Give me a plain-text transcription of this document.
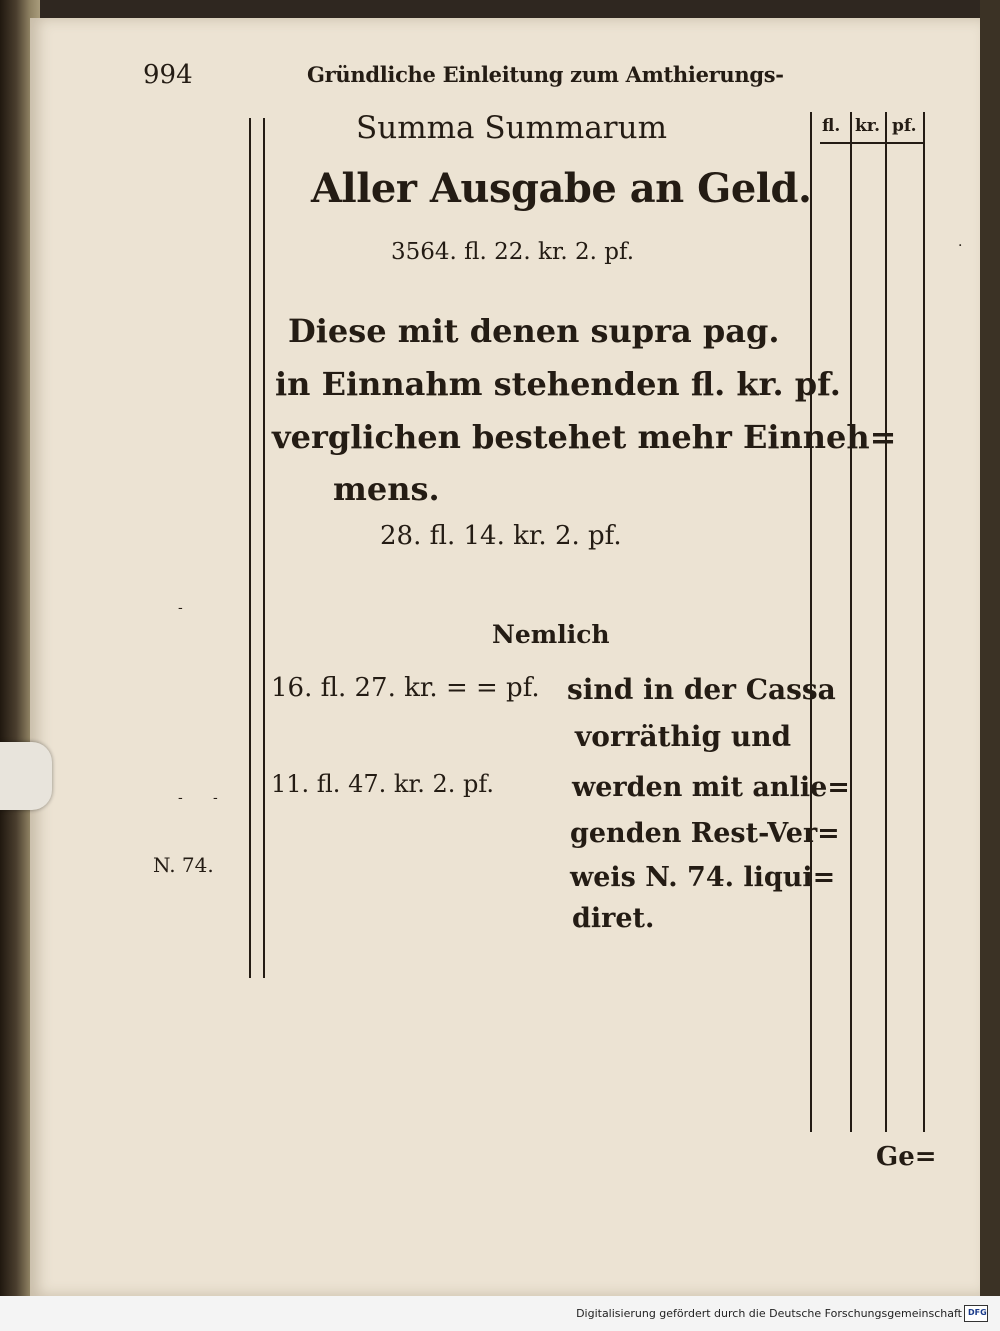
994	Gründliche Einleitung zum Amthierungs-
fl. kr. pf.
Summa Summarum
Aller Ausgabe an Geld.
3564. fl. 22. kr. 2. pf.
Diese mit denen supra pag.
in Einnahm stehenden fl. kr. pf.
verglichen bestehet mehr Einneh=
mens.
28. fl. 14. kr. 2. pf.
Nemlich
16. fl. 27. kr. = = pf. sind in der Cassa
vorräthig und
11. fl. 47. kr. 2. pf.	werden mit anlie=
genden Rest-Ver=
weis N. 74. liqui=
diret.
N. 74.
·
-
- -
Ge=
Digitalisierung gefördert durch die Deutsche Forschungsgemeinschaft DFG
